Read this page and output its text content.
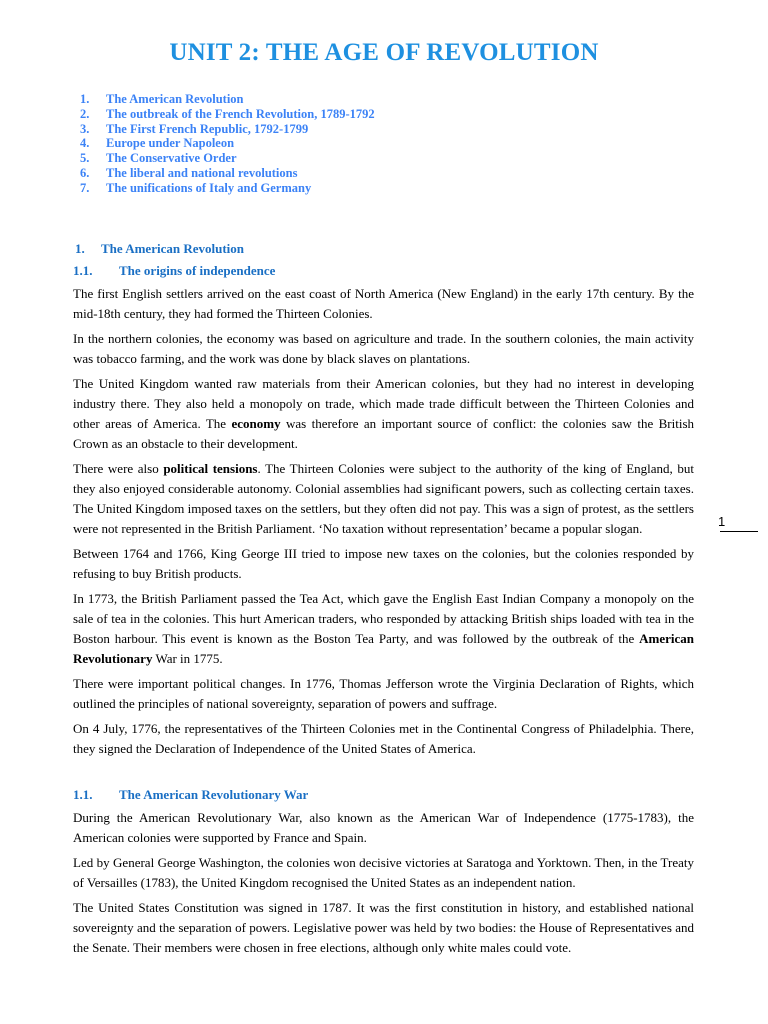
UNIT 2: THE AGE OF REVOLUTION
1. The American Revolution
2. The outbreak of the French Revolution, 1789-1792
3. The First French Republic, 1792-1799
4. Europe under Napoleon
5. The Conservative Order
6. The liberal and national revolutions
7. The unifications of Italy and Germany
1. The American Revolution
1.1. The origins of independence

The first English settlers arrived on the east coast of North America (New England) in the early 17th century. By the mid-18th century, they had formed the Thirteen Colonies.

In the northern colonies, the economy was based on agriculture and trade. In the southern colonies, the main activity was tobacco farming, and the work was done by black slaves on plantations.

The United Kingdom wanted raw materials from their American colonies, but they had no interest in developing industry there. They also held a monopoly on trade, which made trade difficult between the Thirteen Colonies and other areas of America. The economy was therefore an important source of conflict: the colonies saw the British Crown as an obstacle to their development.

There were also political tensions. The Thirteen Colonies were subject to the authority of the king of England, but they also enjoyed considerable autonomy. Colonial assemblies had significant powers, such as collecting certain taxes. The United Kingdom imposed taxes on the settlers, but they often did not pay. This was a sign of protest, as the settlers were not represented in the British Parliament. ‘No taxation without representation’ became a popular slogan.

Between 1764 and 1766, King George III tried to impose new taxes on the colonies, but the colonies responded by refusing to buy British products.

In 1773, the British Parliament passed the Tea Act, which gave the English East Indian Company a monopoly on the sale of tea in the colonies. This hurt American traders, who responded by attacking British ships loaded with tea in the Boston harbour. This event is known as the Boston Tea Party, and was followed by the outbreak of the American Revolutionary War in 1775.

There were important political changes. In 1776, Thomas Jefferson wrote the Virginia Declaration of Rights, which outlined the principles of national sovereignty, separation of powers and suffrage.

On 4 July, 1776, the representatives of the Thirteen Colonies met in the Continental Congress of Philadelphia. There, they signed the Declaration of Independence of the United States of America.

1.1. The American Revolutionary War

During the American Revolutionary War, also known as the American War of Independence (1775-1783), the American colonies were supported by France and Spain.

Led by General George Washington, the colonies won decisive victories at Saratoga and Yorktown. Then, in the Treaty of Versailles (1783), the United Kingdom recognised the United States as an independent nation.

The United States Constitution was signed in 1787. It was the first constitution in history, and established national sovereignty and the separation of powers. Legislative power was held by two bodies: the House of Representatives and the Senate. Their members were chosen in free elections, although only white males could vote.

1
